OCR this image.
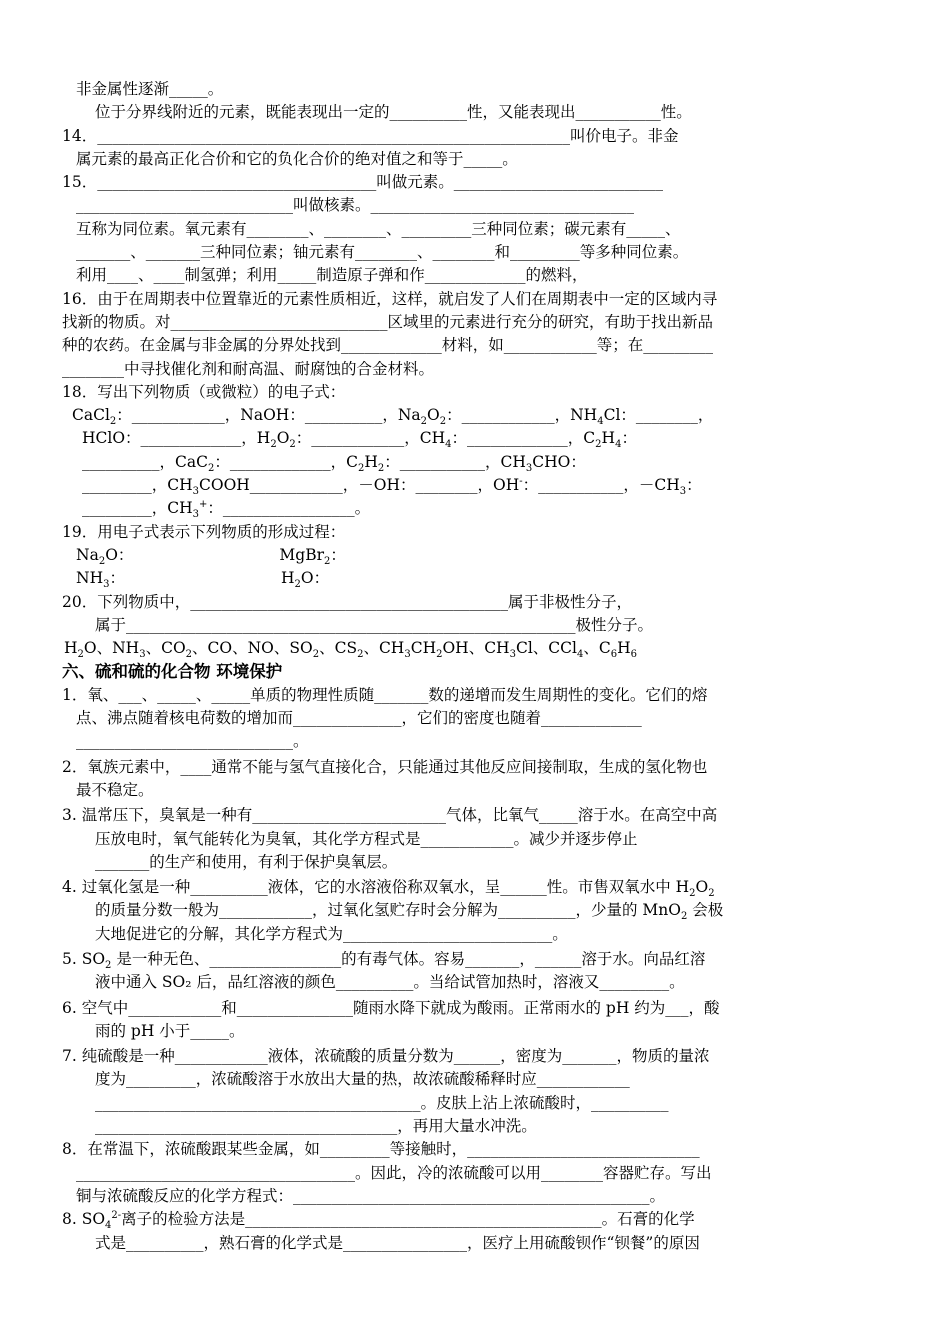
非金属性逐渐_____。
位于分界线附近的元素，既能表现出一定的__________性，又能表现出___________性。
14．_____________________________________________________________叫价电子。非金
属元素的最高正化合价和它的负化合价的绝对值之和等于_____。
15．____________________________________叫做元素。___________________________
____________________________叫做核素。__________________________________
互称为同位素。氧元素有________、________、_________三种同位素；碳元素有_____、
_______、_______三种同位素；铀元素有________、________和_________等多种同位素。
利用____、____制氢弹；利用_____制造原子弹和作_____________的燃料，
16．由于在周期表中位置靠近的元素性质相近，这样，就启发了人们在周期表中一定的区域内寻
找新的物质。对____________________________区域里的元素进行充分的研究，有助于找出新品
种的农药。在金属与非金属的分界处找到_____________材料，如____________等；在_________
________中寻找催化剂和耐高温、耐腐蚀的合金材料。
18．写出下列物质（或微粒）的电子式：
CaCl$_2$：____________，NaOH：__________，$Na_2O_2$：____________，$NH_4Cl$：________，
HClO：_____________，$H_2O_2$：____________，$CH_4$：_____________，$C_2H_4$：
__________，CaC$_2$：_____________，$C_2H_2$：___________，$CH_3CHO$：
_________，$CH_3COOH\_\_\_\_\_\_\_\_\_\_\_\_$，－OH：________，OH-：___________，$-CH_3$：
_________，$CH_3^+$：_________________。
19．用电子式表示下列物质的形成过程：
$Na_2O$：	MgBr$_2$：
$NH_3$：	$H_2O$：
20．下列物质中，_________________________________________属于非极性分子，
属于__________________________________________________________极性分子。
$H_2O$、$NH_3$、$CO_2$、CO、NO、$SO_2$、$CS_2$、$CH_3CH_2OH$、$CH_3Cl$、CCl$_4$、$C_6H_6$
六、硫和硫的化合物 环境保护
1．氧、___、_____、_____单质的物理性质随_______数的递增而发生周期性的变化。它们的熔
点、沸点随着核电荷数的增加而______________，它们的密度也随着_____________
____________________________。
2．氧族元素中，____通常不能与氢气直接化合，只能通过其他反应间接制取，生成的氢化物也
最不稳定。
3. 温常压下，臭氧是一种有_________________________气体，比氧气_____溶于水。在高空中高
压放电时，氧气能转化为臭氧，其化学方程式是____________。减少并逐步停止
_______的生产和使用，有利于保护臭氧层。
4. 过氧化氢是一种__________液体，它的水溶液俗称双氧水，呈______性。市售双氧水中 $H_2O_2$
的质量分数一般为____________，过氧化氢贮存时会分解为__________，少量的 MnO$_2$ 会极
大地促进它的分解，其化学方程式为___________________________。
5. $SO_2$ 是一种无色、_________________的有毒气体。容易_______，______溶于水。向品红溶
液中通入 SO₂ 后，品红溶液的颜色__________。当给试管加热时，溶液又_________。
6. 空气中____________和_______________随雨水降下就成为酸雨。正常雨水的 pH 约为___，酸
雨的 pH 小于_____。
7. 纯硫酸是一种____________液体，浓硫酸的质量分数为______，密度为_______，物质的量浓
度为_________，浓硫酸溶于水放出大量的热，故浓硫酸稀释时应____________
__________________________________________。皮肤上沾上浓硫酸时，__________
_______________________________________，再用大量水冲洗。
8．在常温下，浓硫酸跟某些金属，如_________等接触时，______________________________
____________________________________。因此，冷的浓硫酸可以用________容器贮存。写出
铜与浓硫酸反应的化学方程式：______________________________________________。
8. $SO_4^{2-}$离子的检验方法是______________________________________________。石膏的化学
式是__________，熟石膏的化学式是________________，医疗上用硫酸钡作“钡餐”的原因
